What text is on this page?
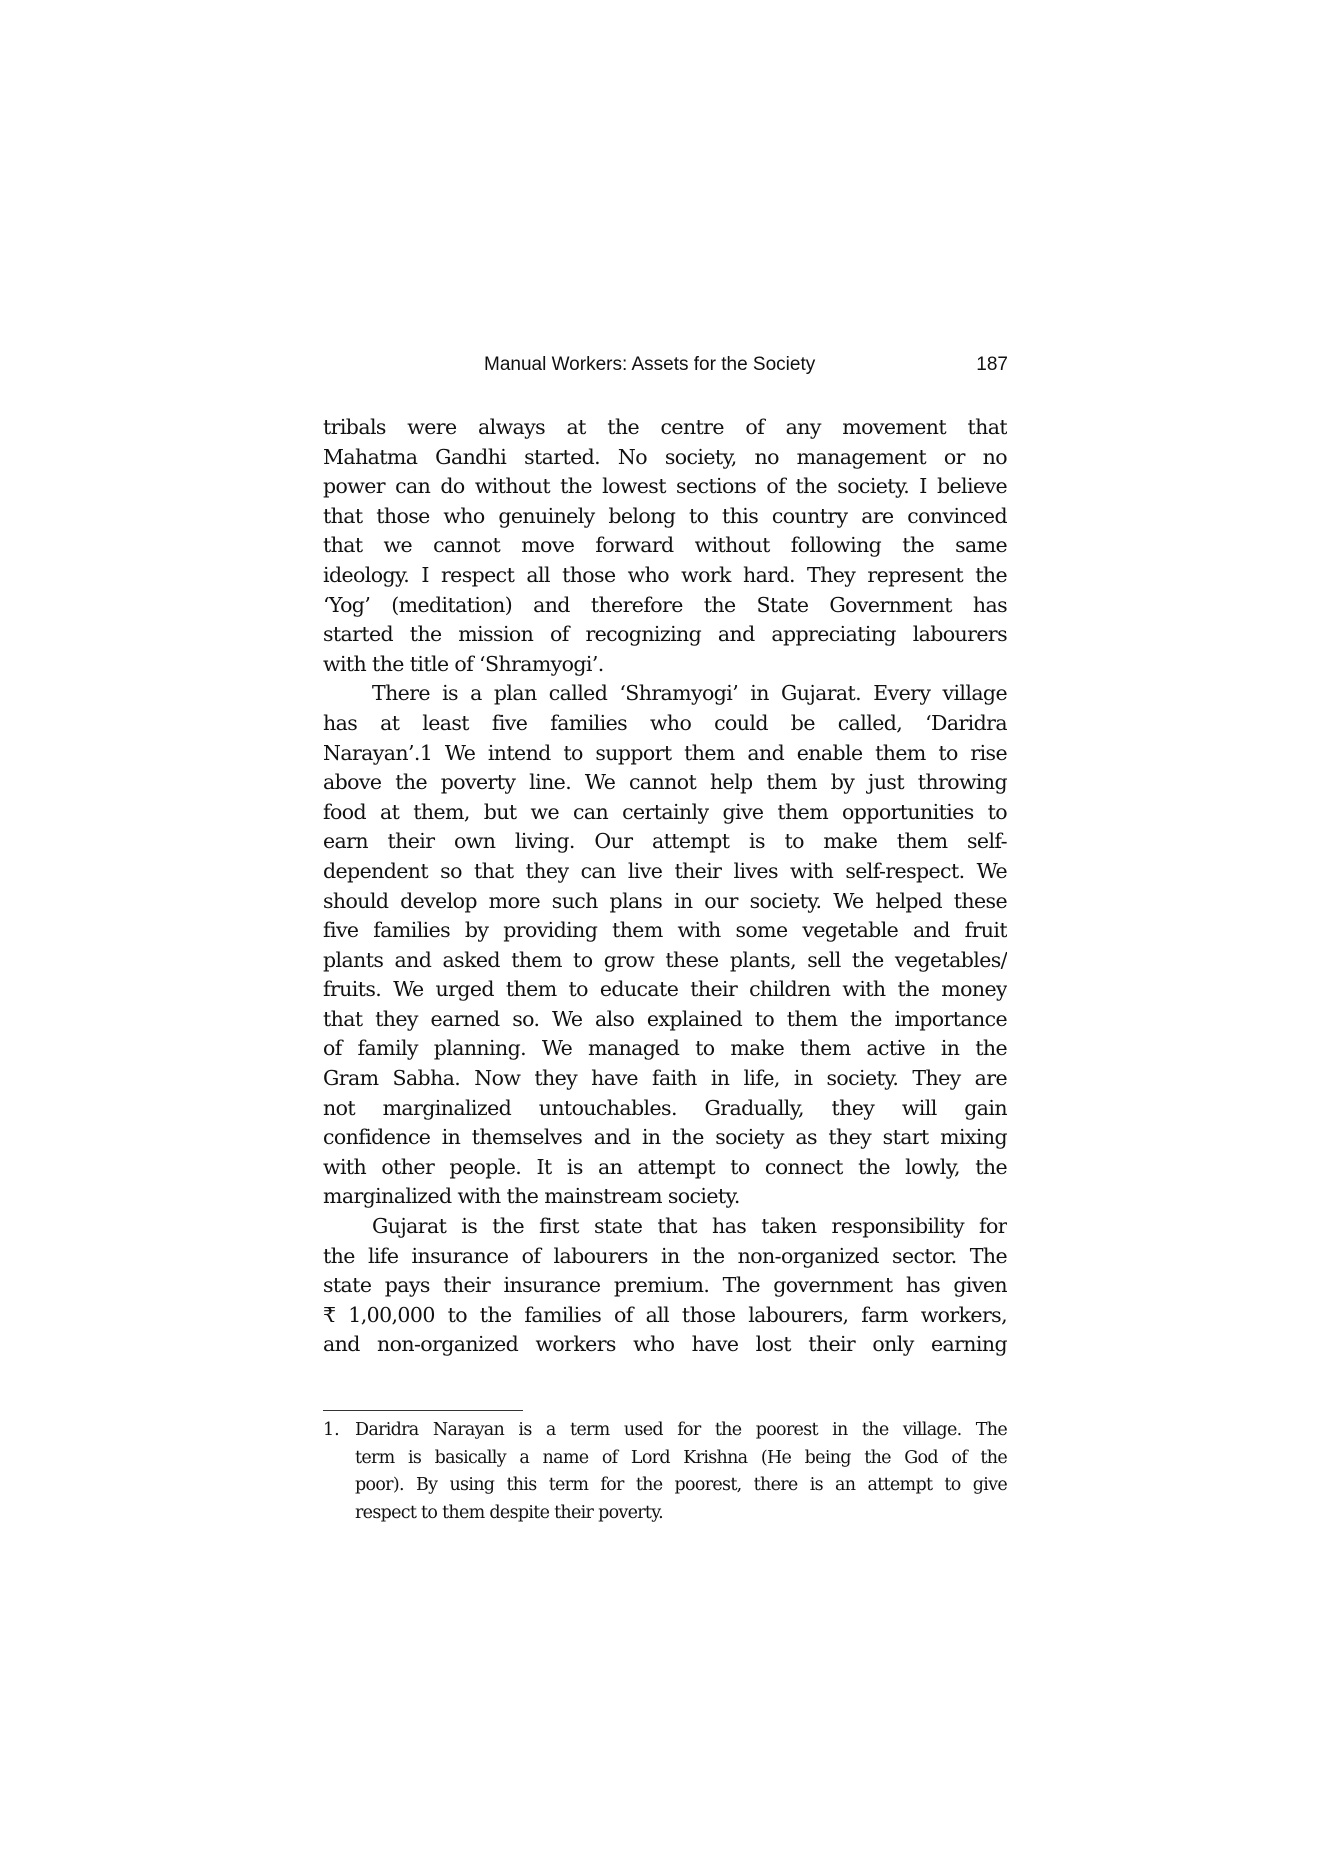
Manual Workers: Assets for the Society	187
tribals were always at the centre of any movement that
Mahatma Gandhi started. No society, no management or no
power can do without the lowest sections of the society. I believe
that those who genuinely belong to this country are convinced
that we cannot move forward without following the same
ideology. I respect all those who work hard. They represent the
‘Yog’ (meditation) and therefore the State Government has
started the mission of recognizing and appreciating labourers
with the title of ‘Shramyogi’.
There is a plan called ‘Shramyogi’ in Gujarat. Every village
has at least five families who could be called, ‘Daridra
Narayan’.1 We intend to support them and enable them to rise
above the poverty line. We cannot help them by just throwing
food at them, but we can certainly give them opportunities to
earn their own living. Our attempt is to make them self-
dependent so that they can live their lives with self-respect. We
should develop more such plans in our society. We helped these
five families by providing them with some vegetable and fruit
plants and asked them to grow these plants, sell the vegetables/
fruits. We urged them to educate their children with the money
that they earned so. We also explained to them the importance
of family planning. We managed to make them active in the
Gram Sabha. Now they have faith in life, in society. They are
not marginalized untouchables. Gradually, they will gain
confidence in themselves and in the society as they start mixing
with other people. It is an attempt to connect the lowly, the
marginalized with the mainstream society.
Gujarat is the first state that has taken responsibility for
the life insurance of labourers in the non-organized sector. The
state pays their insurance premium. The government has given
₹ 1,00,000 to the families of all those labourers, farm workers,
and non-organized workers who have lost their only earning
1. Daridra Narayan is a term used for the poorest in the village. The
term is basically a name of Lord Krishna (He being the God of the
poor). By using this term for the poorest, there is an attempt to give
respect to them despite their poverty.
